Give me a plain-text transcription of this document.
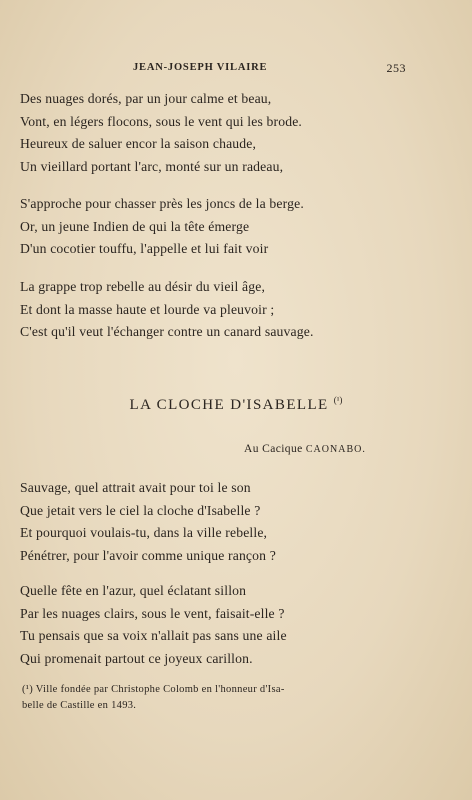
JEAN-JOSEPH VILAIRE	253
Des nuages dorés, par un jour calme et beau,
Vont, en légers flocons, sous le vent qui les brode.
Heureux de saluer encor la saison chaude,
Un vieillard portant l'arc, monté sur un radeau,
S'approche pour chasser près les joncs de la berge.
Or, un jeune Indien de qui la tête émerge
D'un cocotier touffu, l'appelle et lui fait voir
La grappe trop rebelle au désir du vieil âge,
Et dont la masse haute et lourde va pleuvoir ;
C'est qu'il veut l'échanger contre un canard sauvage.
LA CLOCHE D'ISABELLE $^{(^1)}$
Au Cacique CAONABO.
Sauvage, quel attrait avait pour toi le son
Que jetait vers le ciel la cloche d'Isabelle ?
Et pourquoi voulais-tu, dans la ville rebelle,
Pénétrer, pour l'avoir comme unique rançon ?
Quelle fête en l'azur, quel éclatant sillon
Par les nuages clairs, sous le vent, faisait-elle ?
Tu pensais que sa voix n'allait pas sans une aile
Qui promenait partout ce joyeux carillon.
(¹) Ville fondée par Christophe Colomb en l'honneur d'Isa-
belle de Castille en 1493.
